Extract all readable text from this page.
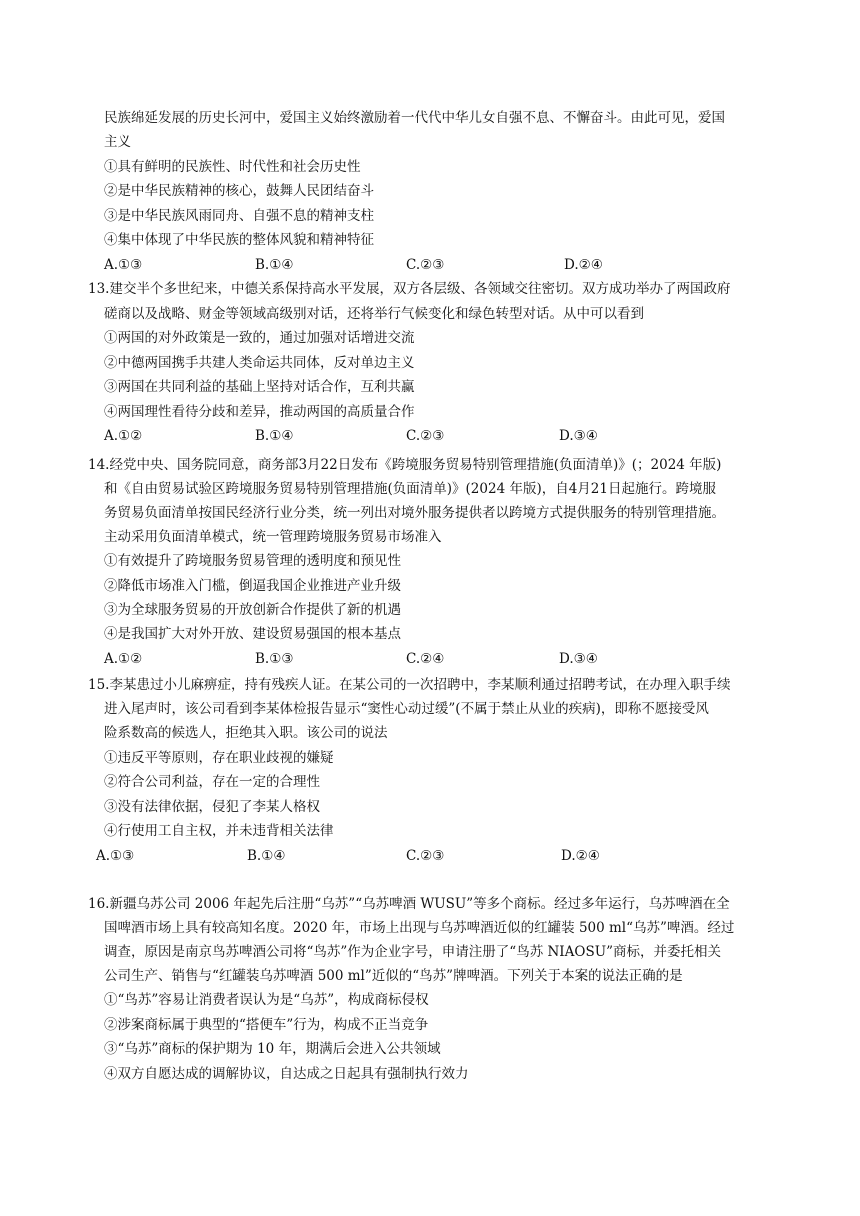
民族绵延发展的历史长河中，爱国主义始终激励着一代代中华儿女自强不息、不懈奋斗。由此可见，爱国
主义
①具有鲜明的民族性、时代性和社会历史性
②是中华民族精神的核心，鼓舞人民团结奋斗
③是中华民族风雨同舟、自强不息的精神支柱
④集中体现了中华民族的整体风貌和精神特征
A.①③	B.①④	C.②③	D.②④
13.建交半个多世纪来，中德关系保持高水平发展，双方各层级、各领域交往密切。双方成功举办了两国政府
磋商以及战略、财金等领域高级别对话，还将举行气候变化和绿色转型对话。从中可以看到
①两国的对外政策是一致的，通过加强对话增进交流
②中德两国携手共建人类命运共同体，反对单边主义
③两国在共同利益的基础上坚持对话合作，互利共赢
④两国理性看待分歧和差异，推动两国的高质量合作
A.①②	B.①④	C.②③	D.③④
14.经党中央、国务院同意，商务部3月22日发布《跨境服务贸易特别管理措施(负面清单)》(；2024 年版)
和《自由贸易试验区跨境服务贸易特别管理措施(负面清单)》(2024 年版)，自4月21日起施行。跨境服
务贸易负面清单按国民经济行业分类，统一列出对境外服务提供者以跨境方式提供服务的特别管理措施。
主动采用负面清单模式，统一管理跨境服务贸易市场准入
①有效提升了跨境服务贸易管理的透明度和预见性
②降低市场准入门槛，倒逼我国企业推进产业升级
③为全球服务贸易的开放创新合作提供了新的机遇
④是我国扩大对外开放、建设贸易强国的根本基点
A.①②	B.①③	C.②④	D.③④
15.李某患过小儿麻痹症，持有残疾人证。在某公司的一次招聘中，李某顺利通过招聘考试，在办理入职手续
进入尾声时，该公司看到李某体检报告显示“窦性心动过缓”(不属于禁止从业的疾病)，即称不愿接受风
险系数高的候选人，拒绝其入职。该公司的说法
①违反平等原则，存在职业歧视的嫌疑
②符合公司利益，存在一定的合理性
③没有法律依据，侵犯了李某人格权
④行使用工自主权，并未违背相关法律
A.①③	B.①④	C.②③	D.②④
16.新疆乌苏公司 2006 年起先后注册“乌苏”“乌苏啤酒 WUSU”等多个商标。经过多年运行，乌苏啤酒在全
国啤酒市场上具有较高知名度。2020 年，市场上出现与乌苏啤酒近似的红罐装 500 ml“乌苏”啤酒。经过
调查，原因是南京鸟苏啤酒公司将“鸟苏”作为企业字号，申请注册了“鸟苏 NIAOSU”商标，并委托相关
公司生产、销售与“红罐装乌苏啤酒 500 ml”近似的“鸟苏”牌啤酒。下列关于本案的说法正确的是
①“鸟苏”容易让消费者误认为是“乌苏”，构成商标侵权
②涉案商标属于典型的“搭便车”行为，构成不正当竞争
③“乌苏”商标的保护期为 10 年，期满后会进入公共领域
④双方自愿达成的调解协议，自达成之日起具有强制执行效力
